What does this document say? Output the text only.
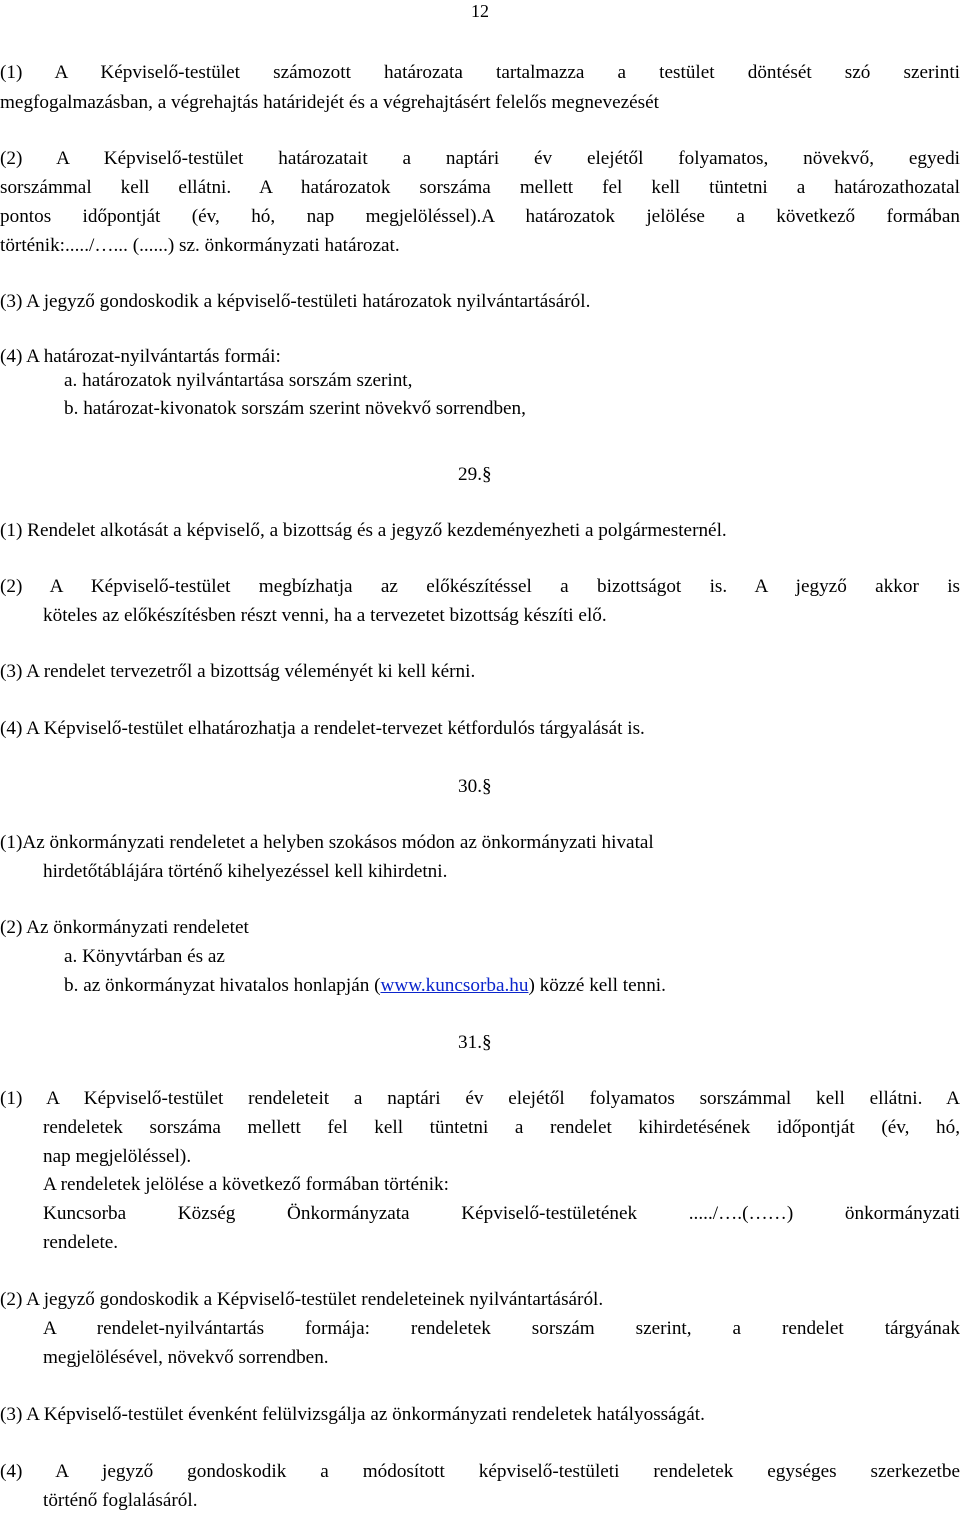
12
(1) A Képviselő-testület számozott határozata tartalmazza a testület döntését szó szerinti
megfogalmazásban, a végrehajtás határidejét és a végrehajtásért felelős megnevezését
(2) A Képviselő-testület határozatait a naptári év elejétől folyamatos, növekvő, egyedi
sorszámmal kell ellátni. A határozatok sorszáma mellett fel kell tüntetni a határozathozatal
pontos időpontját (év, hó, nap megjelöléssel).A határozatok jelölése a következő formában
történik:...../…... (......) sz. önkormányzati határozat.
(3) A jegyző gondoskodik a képviselő-testületi határozatok nyilvántartásáról.
(4) A határozat-nyilvántartás formái:
a. határozatok nyilvántartása sorszám szerint,
b. határozat-kivonatok sorszám szerint növekvő sorrendben,
29.§
(1) Rendelet alkotását a képviselő, a bizottság és a jegyző kezdeményezheti a polgármesternél.
(2) A Képviselő-testület megbízhatja az előkészítéssel a bizottságot is. A jegyző akkor is
köteles az előkészítésben részt venni, ha a tervezetet bizottság készíti elő.
(3) A rendelet tervezetről a bizottság véleményét ki kell kérni.
(4) A Képviselő-testület elhatározhatja a rendelet-tervezet kétfordulós tárgyalását is.
30.§
(1)Az önkormányzati rendeletet a helyben szokásos módon az önkormányzati hivatal
hirdetőtáblájára történő kihelyezéssel kell kihirdetni.
(2) Az önkormányzati rendeletet
a. Könyvtárban és az
b. az önkormányzat hivatalos honlapján (www.kuncsorba.hu) közzé kell tenni.
31.§
(1) A Képviselő-testület rendeleteit a naptári év elejétől folyamatos sorszámmal kell ellátni. A
rendeletek sorszáma mellett fel kell tüntetni a rendelet kihirdetésének időpontját (év, hó,
nap megjelöléssel).
A rendeletek jelölése a következő formában történik:
Kuncsorba Község Önkormányzata Képviselő-testületének ...../….(……) önkormányzati
rendelete.
(2) A jegyző gondoskodik a Képviselő-testület rendeleteinek nyilvántartásáról.
A rendelet-nyilvántartás formája: rendeletek sorszám szerint, a rendelet tárgyának
megjelölésével, növekvő sorrendben.
(3) A Képviselő-testület évenként felülvizsgálja az önkormányzati rendeletek hatályosságát.
(4) A jegyző gondoskodik a módosított képviselő-testületi rendeletek egységes szerkezetbe
történő foglalásáról.
